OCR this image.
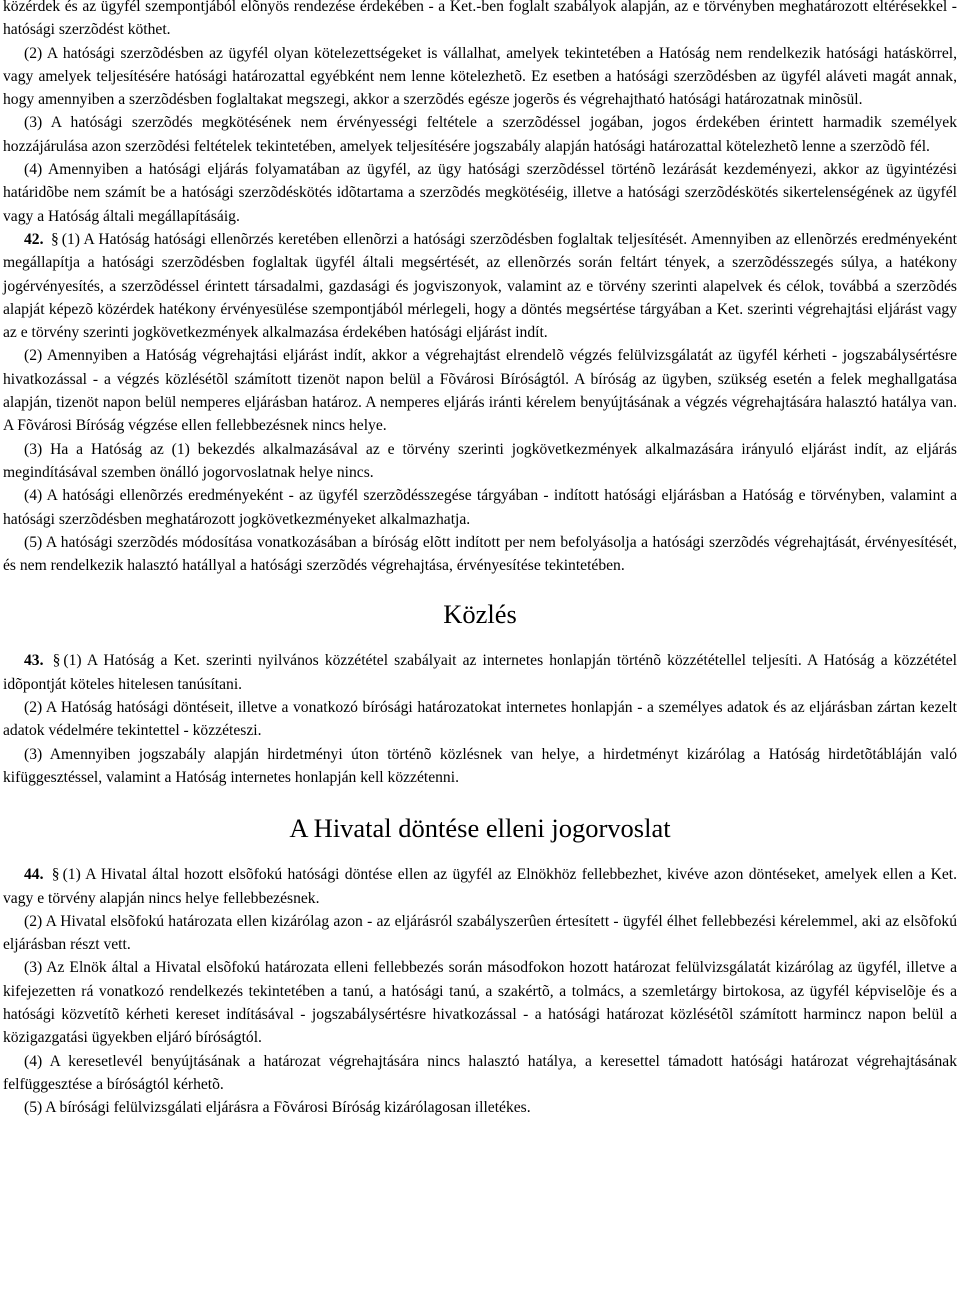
közérdek és az ügyfél szempontjából elõnyös rendezése érdekében - a Ket.-ben foglalt szabályok alapján, az e törvényben meghatározott eltérésekkel - hatósági szerzõdést köthet.

(2) A hatósági szerzõdésben az ügyfél olyan kötelezettségeket is vállalhat, amelyek tekintetében a Hatóság nem rendelkezik hatósági hatáskörrel, vagy amelyek teljesítésére hatósági határozattal egyébként nem lenne kötelezhetõ. Ez esetben a hatósági szerzõdésben az ügyfél aláveti magát annak, hogy amennyiben a szerzõdésben foglaltakat megszegi, akkor a szerzõdés egésze jogerõs és végrehajtható hatósági határozatnak minõsül.

(3) A hatósági szerzõdés megkötésének nem érvényességi feltétele a szerzõdéssel jogában, jogos érdekében érintett harmadik személyek hozzájárulása azon szerzõdési feltételek tekintetében, amelyek teljesítésére jogszabály alapján hatósági határozattal kötelezhetõ lenne a szerzõdõ fél.

(4) Amennyiben a hatósági eljárás folyamatában az ügyfél, az ügy hatósági szerzõdéssel történõ lezárását kezdeményezi, akkor az ügyintézési határidõbe nem számít be a hatósági szerzõdéskötés idõtartama a szerzõdés megkötéséig, illetve a hatósági szerzõdéskötés sikertelenségének az ügyfél vagy a Hatóság általi megállapításáig.

42. § (1) A Hatóság hatósági ellenõrzés keretében ellenõrzi a hatósági szerzõdésben foglaltak teljesítését. Amennyiben az ellenõrzés eredményeként megállapítja a hatósági szerzõdésben foglaltak ügyfél általi megsértését, az ellenõrzés során feltárt tények, a szerzõdésszegés súlya, a hatékony jogérvényesítés, a szerzõdéssel érintett társadalmi, gazdasági és jogviszonyok, valamint az e törvény szerinti alapelvek és célok, továbbá a szerzõdés alapját képezõ közérdek hatékony érvényesülése szempontjából mérlegeli, hogy a döntés megsértése tárgyában a Ket. szerinti végrehajtási eljárást vagy az e törvény szerinti jogkövetkezmények alkalmazása érdekében hatósági eljárást indít.

(2) Amennyiben a Hatóság végrehajtási eljárást indít, akkor a végrehajtást elrendelõ végzés felülvizsgálatát az ügyfél kérheti - jogszabálysértésre hivatkozással - a végzés közlésétõl számított tizenöt napon belül a Fõvárosi Bíróságtól. A bíróság az ügyben, szükség esetén a felek meghallgatása alapján, tizenöt napon belül nemperes eljárásban határoz. A nemperes eljárás iránti kérelem benyújtásának a végzés végrehajtására halasztó hatálya van. A Fõvárosi Bíróság végzése ellen fellebbezésnek nincs helye.

(3) Ha a Hatóság az (1) bekezdés alkalmazásával az e törvény szerinti jogkövetkezmények alkalmazására irányuló eljárást indít, az eljárás megindításával szemben önálló jogorvoslatnak helye nincs.

(4) A hatósági ellenõrzés eredményeként - az ügyfél szerzõdésszegése tárgyában - indított hatósági eljárásban a Hatóság e törvényben, valamint a hatósági szerzõdésben meghatározott jogkövetkezményeket alkalmazhatja.

(5) A hatósági szerzõdés módosítása vonatkozásában a bíróság elõtt indított per nem befolyásolja a hatósági szerzõdés végrehajtását, érvényesítését, és nem rendelkezik halasztó hatállyal a hatósági szerzõdés végrehajtása, érvényesítése tekintetében.

Közlés

43. § (1) A Hatóság a Ket. szerinti nyilvános közzététel szabályait az internetes honlapján történõ közzététellel teljesíti. A Hatóság a közzététel idõpontját köteles hitelesen tanúsítani.

(2) A Hatóság hatósági döntéseit, illetve a vonatkozó bírósági határozatokat internetes honlapján - a személyes adatok és az eljárásban zártan kezelt adatok védelmére tekintettel - közzéteszi.

(3) Amennyiben jogszabály alapján hirdetményi úton történõ közlésnek van helye, a hirdetményt kizárólag a Hatóság hirdetõtábláján való kifüggesztéssel, valamint a Hatóság internetes honlapján kell közzétenni.

A Hivatal döntése elleni jogorvoslat

44. § (1) A Hivatal által hozott elsõfokú hatósági döntése ellen az ügyfél az Elnökhöz fellebbezhet, kivéve azon döntéseket, amelyek ellen a Ket. vagy e törvény alapján nincs helye fellebbezésnek.

(2) A Hivatal elsõfokú határozata ellen kizárólag azon - az eljárásról szabályszerûen értesített - ügyfél élhet fellebbezési kérelemmel, aki az elsõfokú eljárásban részt vett.

(3) Az Elnök által a Hivatal elsõfokú határozata elleni fellebbezés során másodfokon hozott határozat felülvizsgálatát kizárólag az ügyfél, illetve a kifejezetten rá vonatkozó rendelkezés tekintetében a tanú, a hatósági tanú, a szakértõ, a tolmács, a szemletárgy birtokosa, az ügyfél képviselõje és a hatósági közvetítõ kérheti kereset indításával - jogszabálysértésre hivatkozással - a hatósági határozat közlésétõl számított harmincz napon belül a közigazgatási ügyekben eljáró bíróságtól.

(4) A keresetlevél benyújtásának a határozat végrehajtására nincs halasztó hatálya, a keresettel támadott hatósági határozat végrehajtásának felfüggesztése a bíróságtól kérhetõ.

(5) A bírósági felülvizsgálati eljárásra a Fõvárosi Bíróság kizárólagosan illetékes.
